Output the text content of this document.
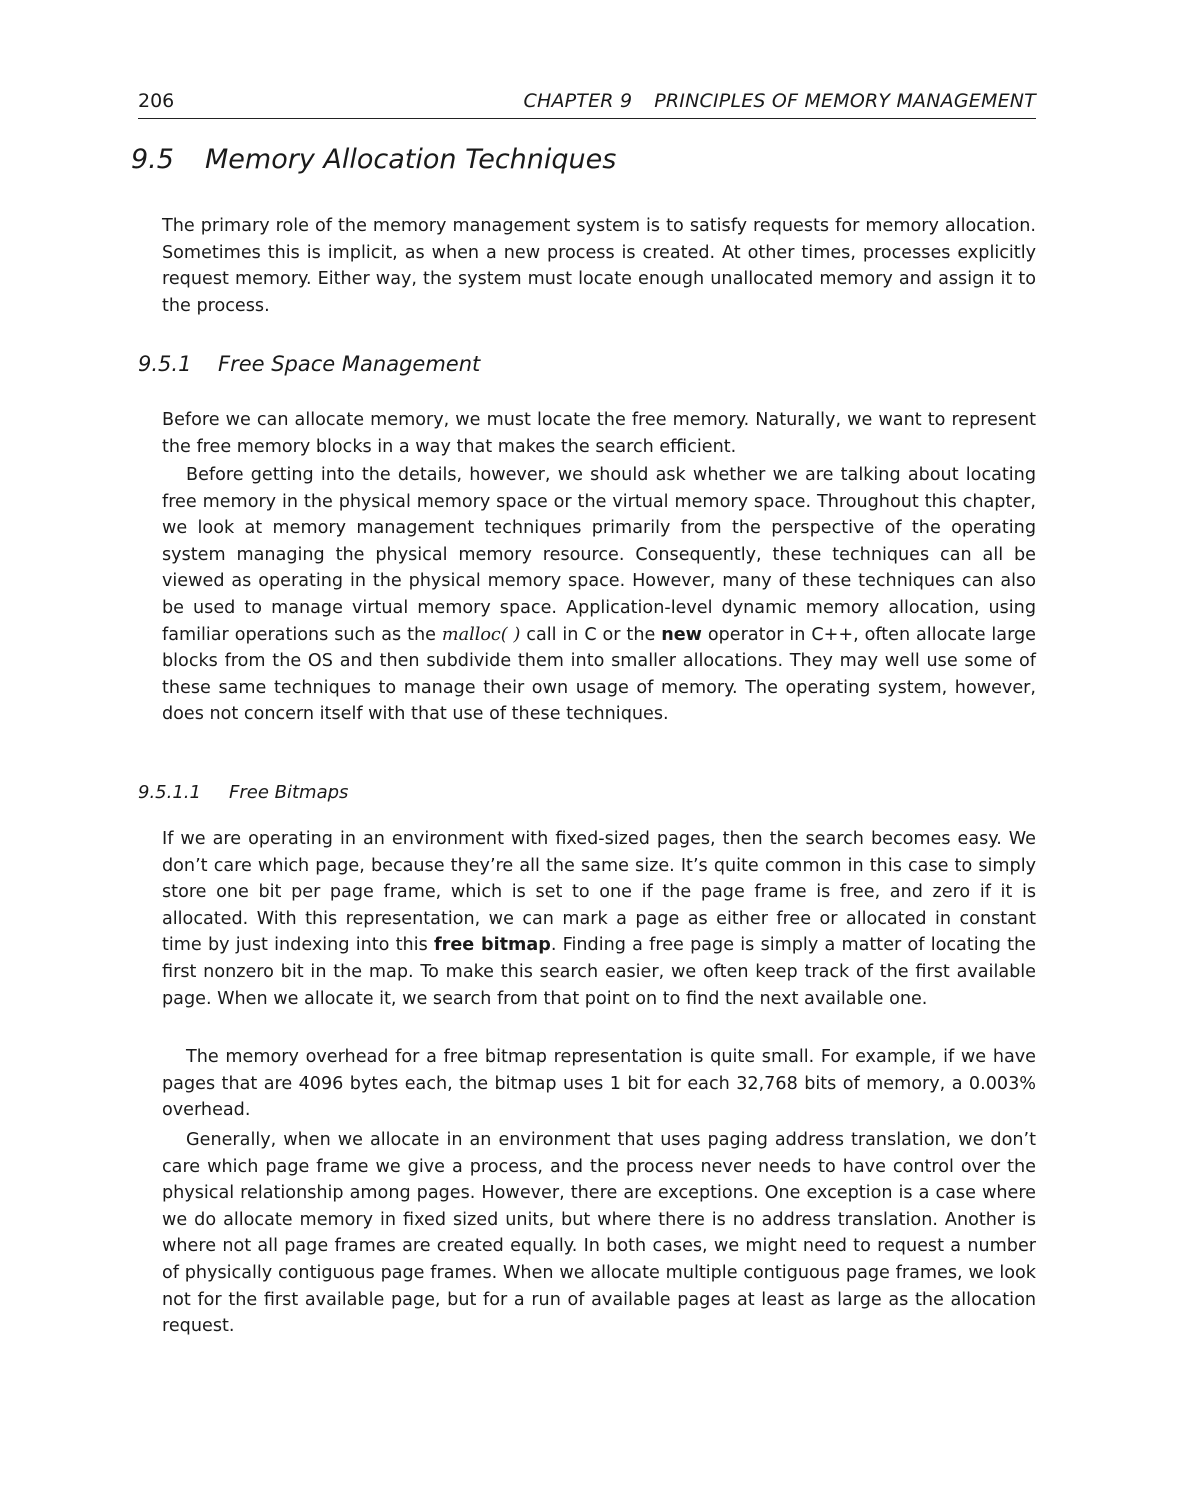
206	CHAPTER 9 PRINCIPLES OF MEMORY MANAGEMENT
9.5 Memory Allocation Techniques

The primary role of the memory management system is to satisfy requests for memory allocation. Sometimes this is implicit, as when a new process is created. At other times, processes explicitly request memory. Either way, the system must locate enough unallocated memory and assign it to the process.

9.5.1 Free Space Management

Before we can allocate memory, we must locate the free memory. Naturally, we want to represent the free memory blocks in a way that makes the search efficient.

Before getting into the details, however, we should ask whether we are talking about locating free memory in the physical memory space or the virtual memory space. Throughout this chapter, we look at memory management techniques primarily from the perspective of the operating system managing the physical memory resource. Consequently, these techniques can all be viewed as operating in the physical memory space. However, many of these techniques can also be used to manage virtual memory space. Application-level dynamic memory allocation, using familiar operations such as the malloc( ) call in C or the new operator in C++, often allocate large blocks from the OS and then subdivide them into smaller allocations. They may well use some of these same techniques to manage their own usage of memory. The operating system, however, does not concern itself with that use of these techniques.

9.5.1.1 Free Bitmaps

If we are operating in an environment with fixed-sized pages, then the search becomes easy. We don’t care which page, because they’re all the same size. It’s quite common in this case to simply store one bit per page frame, which is set to one if the page frame is free, and zero if it is allocated. With this representation, we can mark a page as either free or allocated in constant time by just indexing into this free bitmap. Finding a free page is simply a matter of locating the first nonzero bit in the map. To make this search easier, we often keep track of the first available page. When we allocate it, we search from that point on to find the next available one.

The memory overhead for a free bitmap representation is quite small. For example, if we have pages that are 4096 bytes each, the bitmap uses 1 bit for each 32,768 bits of memory, a 0.003% overhead.

Generally, when we allocate in an environment that uses paging address translation, we don’t care which page frame we give a process, and the process never needs to have control over the physical relationship among pages. However, there are exceptions. One exception is a case where we do allocate memory in fixed sized units, but where there is no address translation. Another is where not all page frames are created equally. In both cases, we might need to request a number of physically contiguous page frames. When we allocate multiple contiguous page frames, we look not for the first available page, but for a run of available pages at least as large as the allocation request.
